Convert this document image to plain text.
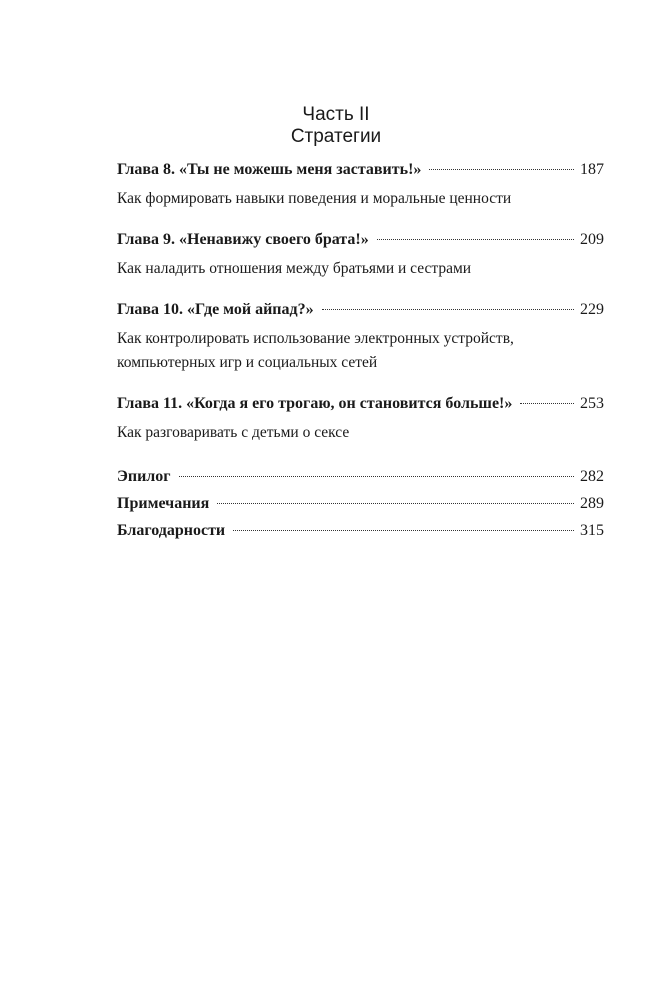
Часть II
Стратегии
Глава 8. «Ты не можешь меня заставить!»	187
Как формировать навыки поведения и моральные ценности
Глава 9. «Ненавижу своего брата!»	209
Как наладить отношения между братьями и сестрами
Глава 10. «Где мой айпад?»	229
Как контролировать использование электронных устройств,
компьютерных игр и социальных сетей
Глава 11. «Когда я его трогаю, он становится больше!»	253
Как разговаривать с детьми о сексе
Эпилог	282
Примечания	289
Благодарности	315
